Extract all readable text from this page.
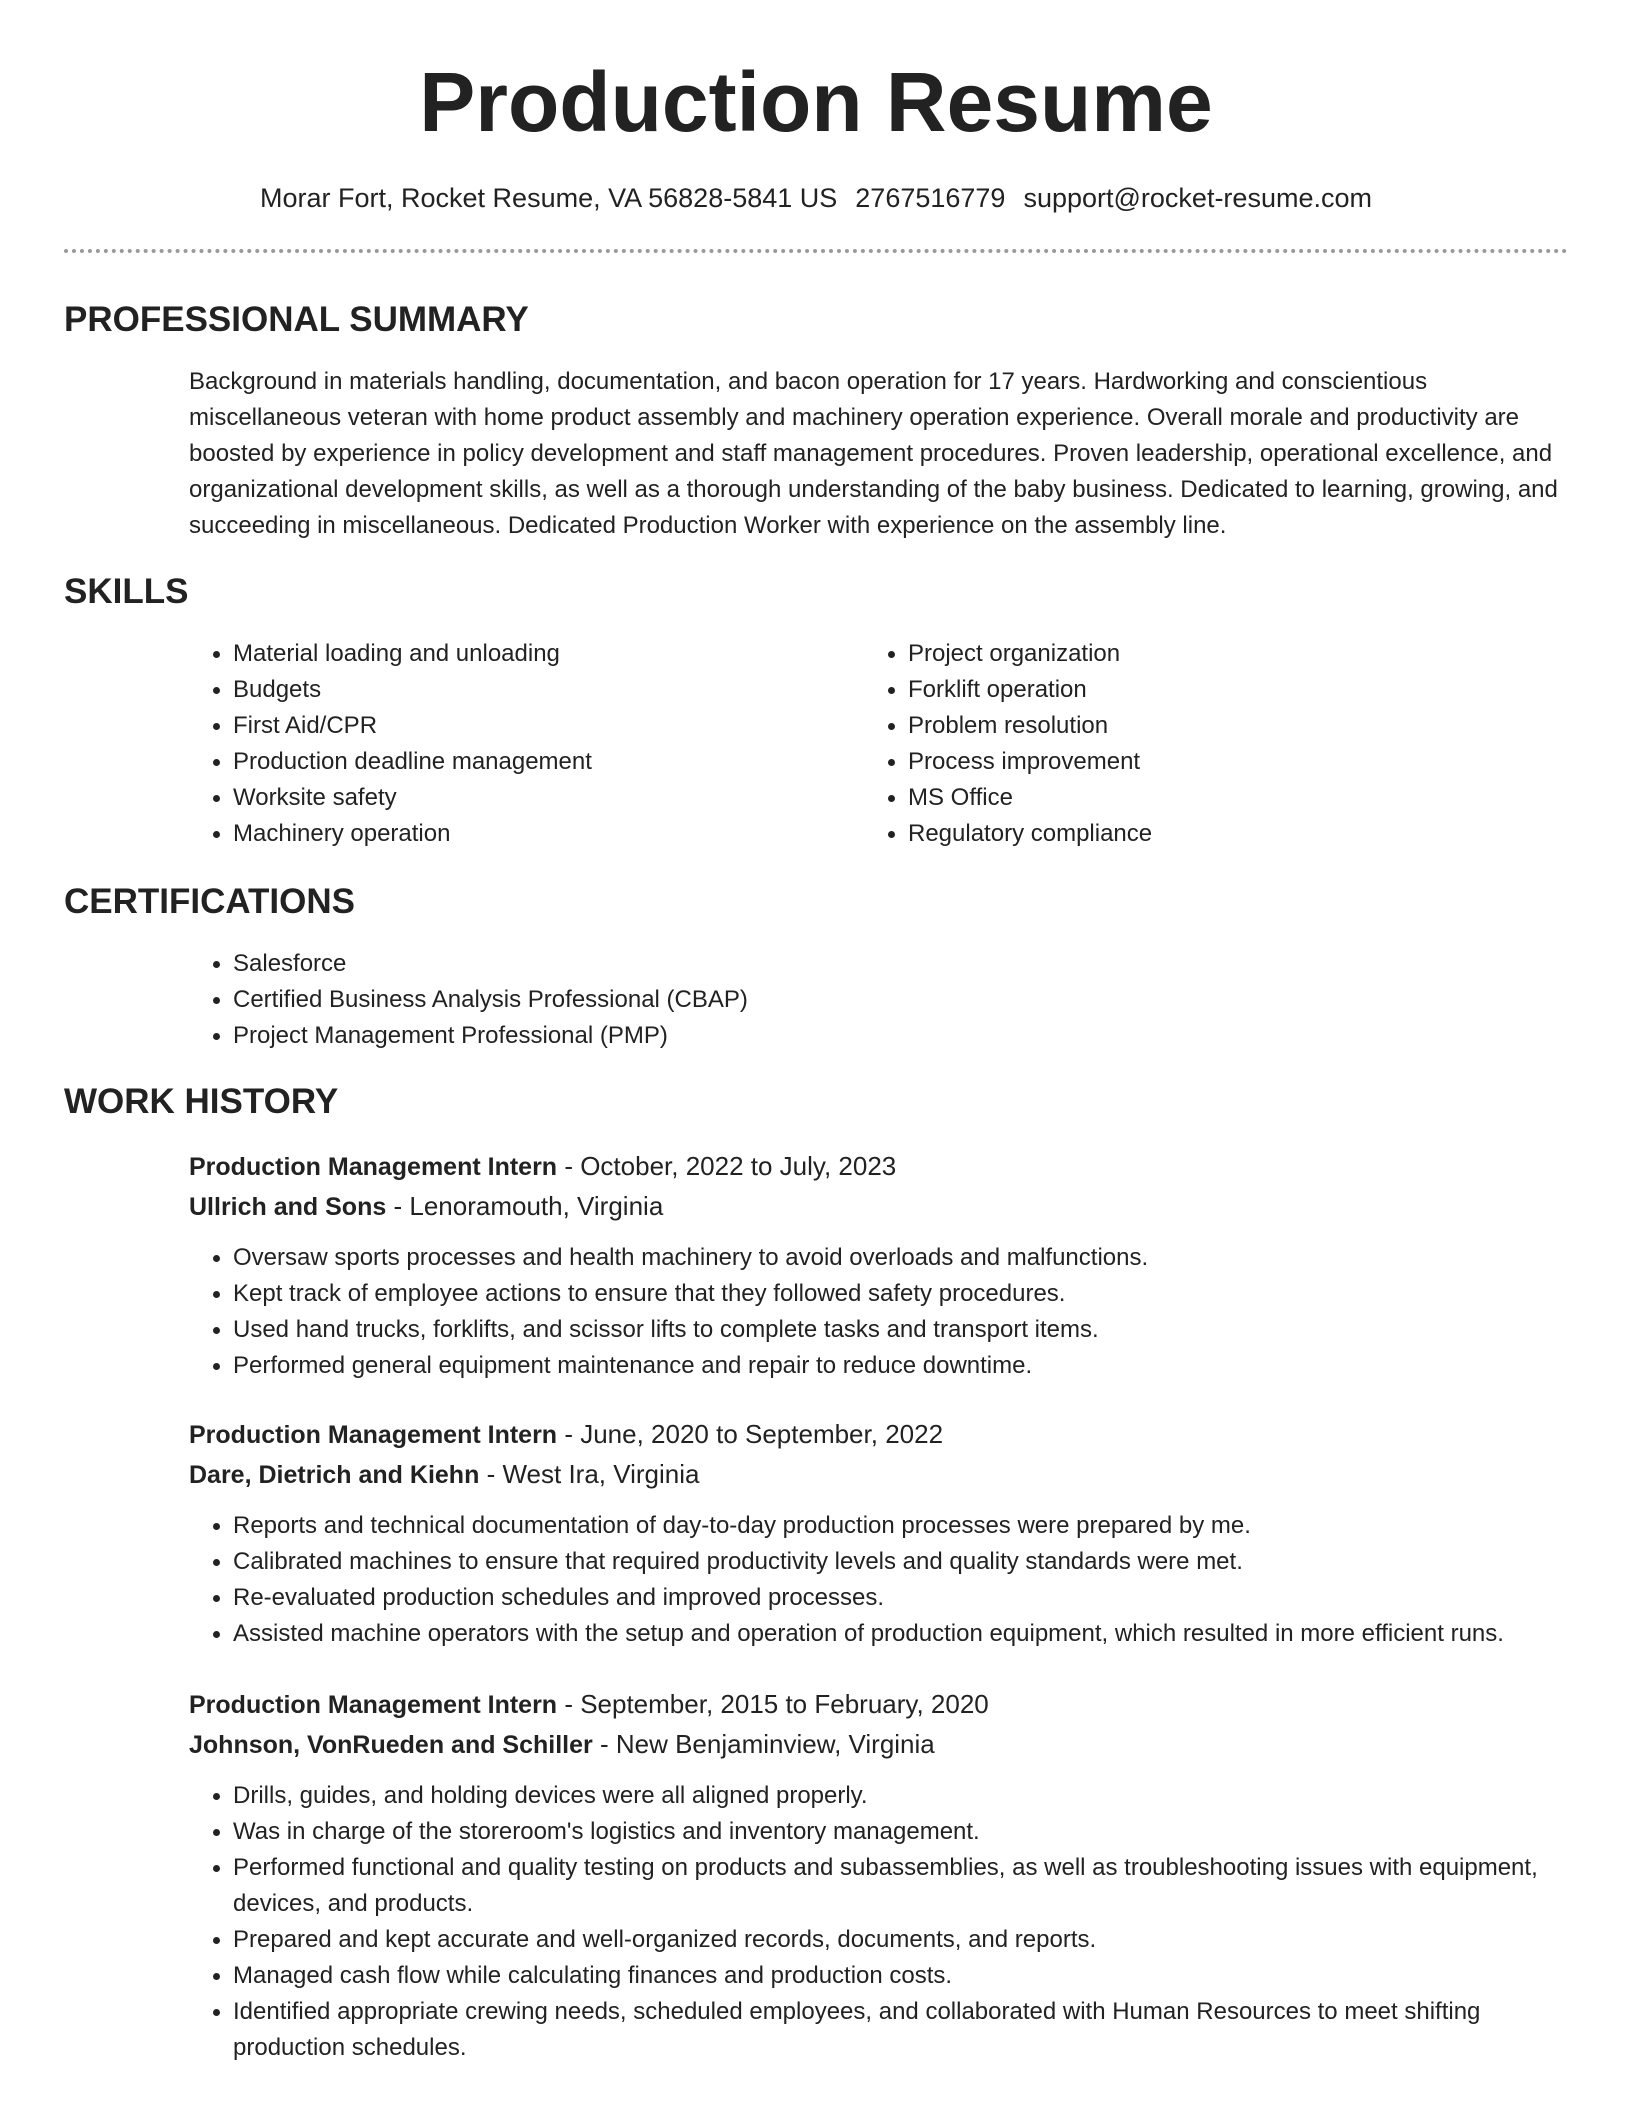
Production Resume
Morar Fort, Rocket Resume, VA 56828-5841 US 2767516779 support@rocket-resume.com
PROFESSIONAL SUMMARY

Background in materials handling, documentation, and bacon operation for 17 years. Hardworking and conscientious miscellaneous veteran with home product assembly and machinery operation experience. Overall morale and productivity are boosted by experience in policy development and staff management procedures. Proven leadership, operational excellence, and organizational development skills, as well as a thorough understanding of the baby business. Dedicated to learning, growing, and succeeding in miscellaneous. Dedicated Production Worker with experience on the assembly line.

SKILLS
• Material loading and unloading
• Budgets
• First Aid/CPR
• Production deadline management
• Worksite safety
• Machinery operation
• Project organization
• Forklift operation
• Problem resolution
• Process improvement
• MS Office
• Regulatory compliance
CERTIFICATIONS
• Salesforce
• Certified Business Analysis Professional (CBAP)
• Project Management Professional (PMP)
WORK HISTORY
Production Management Intern - October, 2022 to July, 2023
Ullrich and Sons - Lenoramouth, Virginia
• Oversaw sports processes and health machinery to avoid overloads and malfunctions.
• Kept track of employee actions to ensure that they followed safety procedures.
• Used hand trucks, forklifts, and scissor lifts to complete tasks and transport items.
• Performed general equipment maintenance and repair to reduce downtime.
Production Management Intern - June, 2020 to September, 2022
Dare, Dietrich and Kiehn - West Ira, Virginia
• Reports and technical documentation of day-to-day production processes were prepared by me.
• Calibrated machines to ensure that required productivity levels and quality standards were met.
• Re-evaluated production schedules and improved processes.
• Assisted machine operators with the setup and operation of production equipment, which resulted in more efficient runs.
Production Management Intern - September, 2015 to February, 2020
Johnson, VonRueden and Schiller - New Benjaminview, Virginia
• Drills, guides, and holding devices were all aligned properly.
• Was in charge of the storeroom's logistics and inventory management.
• Performed functional and quality testing on products and subassemblies, as well as troubleshooting issues with equipment, devices, and products.
• Prepared and kept accurate and well-organized records, documents, and reports.
• Managed cash flow while calculating finances and production costs.
• Identified appropriate crewing needs, scheduled employees, and collaborated with Human Resources to meet shifting production schedules.
